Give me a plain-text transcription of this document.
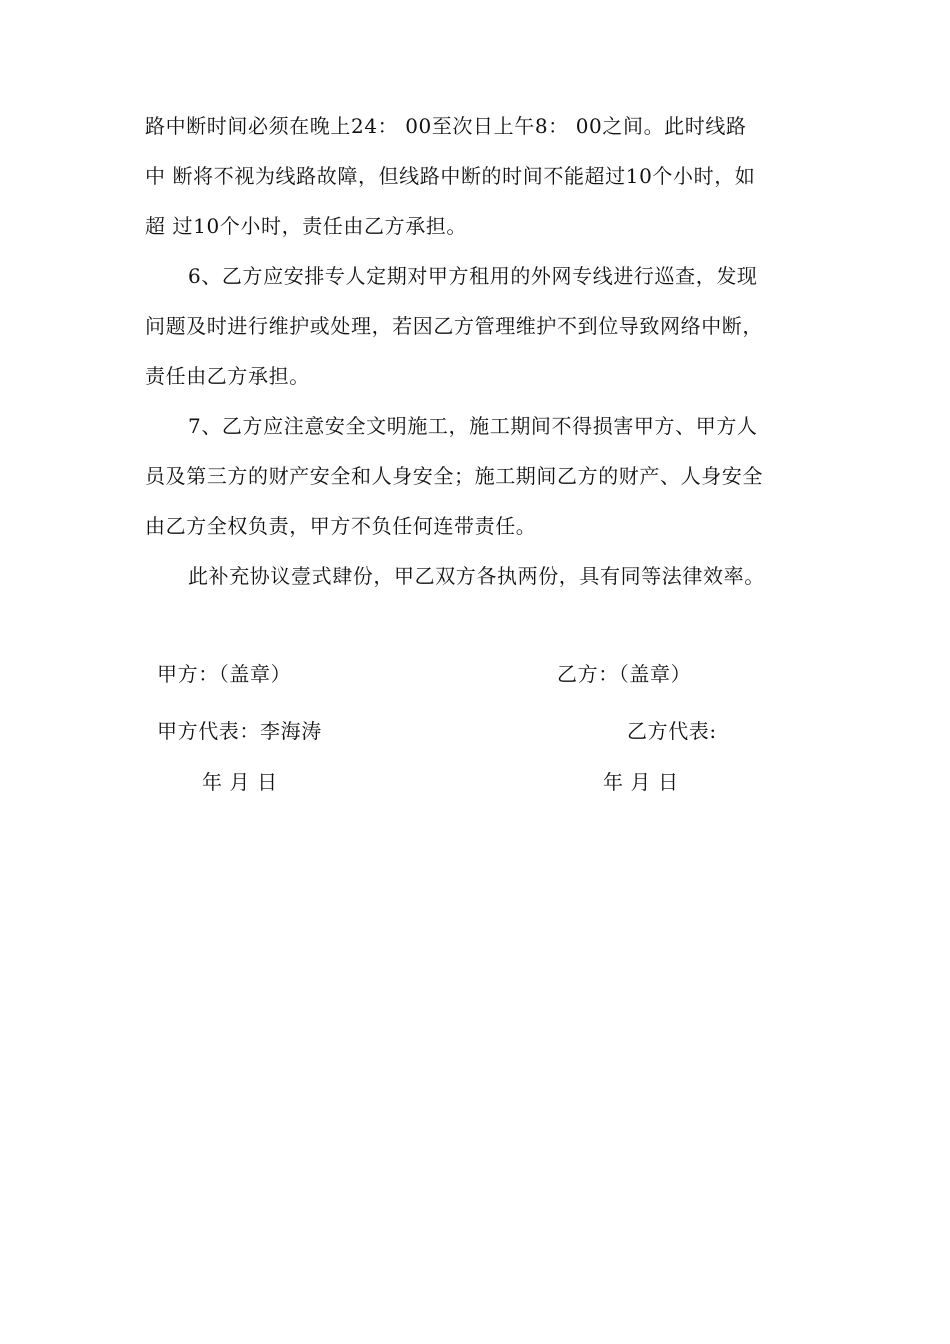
路中断时间必须在晚上24： 00至次日上午8： 00之间。此时线路
中 断将不视为线路故障，但线路中断的时间不能超过10个小时，如
超 过10个小时，责任由乙方承担。
6、乙方应安排专人定期对甲方租用的外网专线进行巡查，发现
问题及时进行维护或处理，若因乙方管理维护不到位导致网络中断，
责任由乙方承担。
7、乙方应注意安全文明施工，施工期间不得损害甲方、甲方人
员及第三方的财产安全和人身安全；施工期间乙方的财产、人身安全
由乙方全权负责，甲方不负任何连带责任。
此补充协议壹式肆份，甲乙双方各执两份，具有同等法律效率。
甲方：（盖章）	乙方：（盖章）
甲方代表：李海涛	乙方代表:
年 月 日	年 月 日
